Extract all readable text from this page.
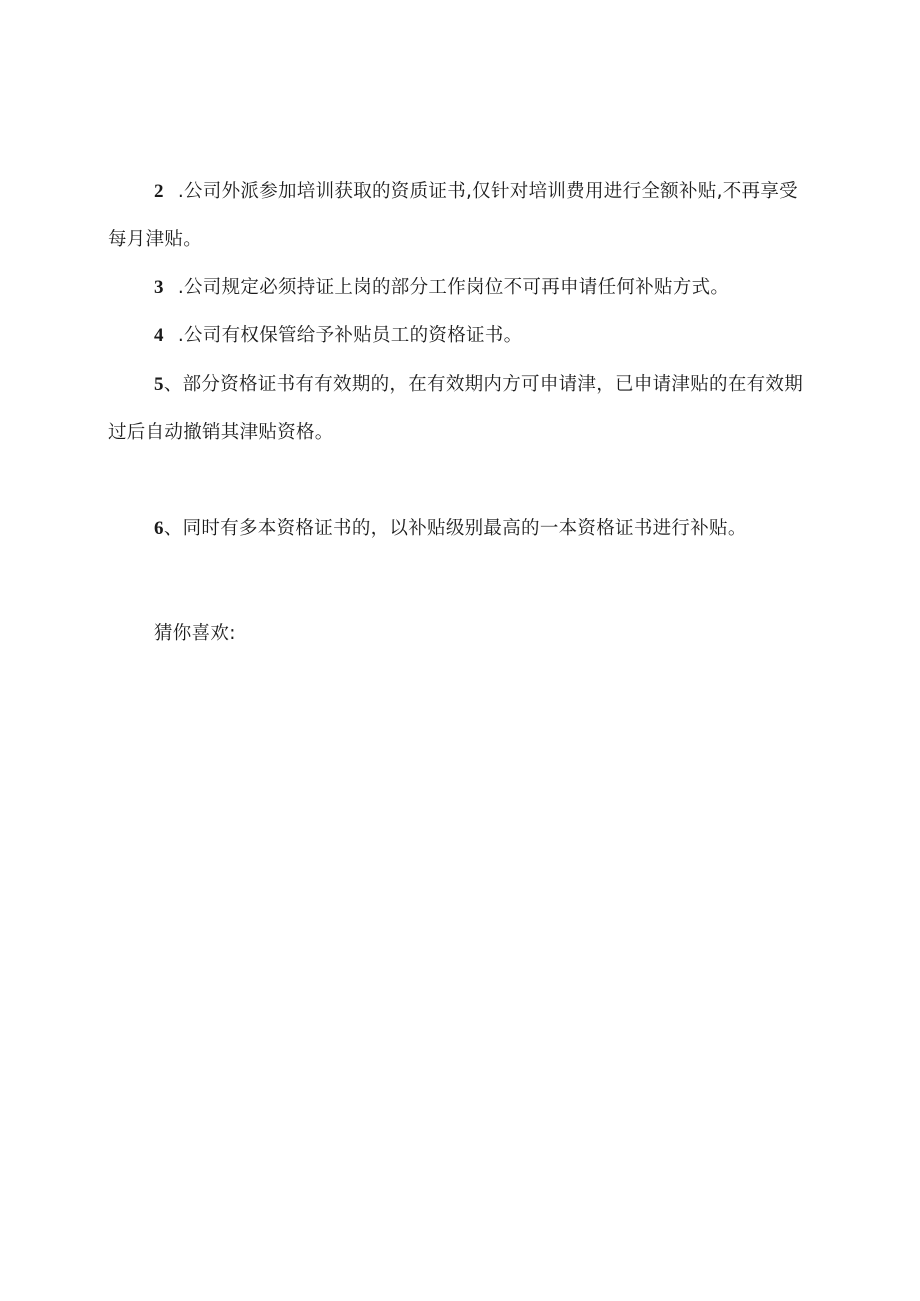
2 .公司外派参加培训获取的资质证书,仅针对培训费用进行全额补贴,不再享受每月津贴。

3 .公司规定必须持证上岗的部分工作岗位不可再申请任何补贴方式。

4 .公司有权保管给予补贴员工的资格证书。

5、部分资格证书有有效期的，在有效期内方可申请津，已申请津贴的在有效期过后自动撤销其津贴资格。

6、同时有多本资格证书的，以补贴级别最高的一本资格证书进行补贴。

猜你喜欢:
